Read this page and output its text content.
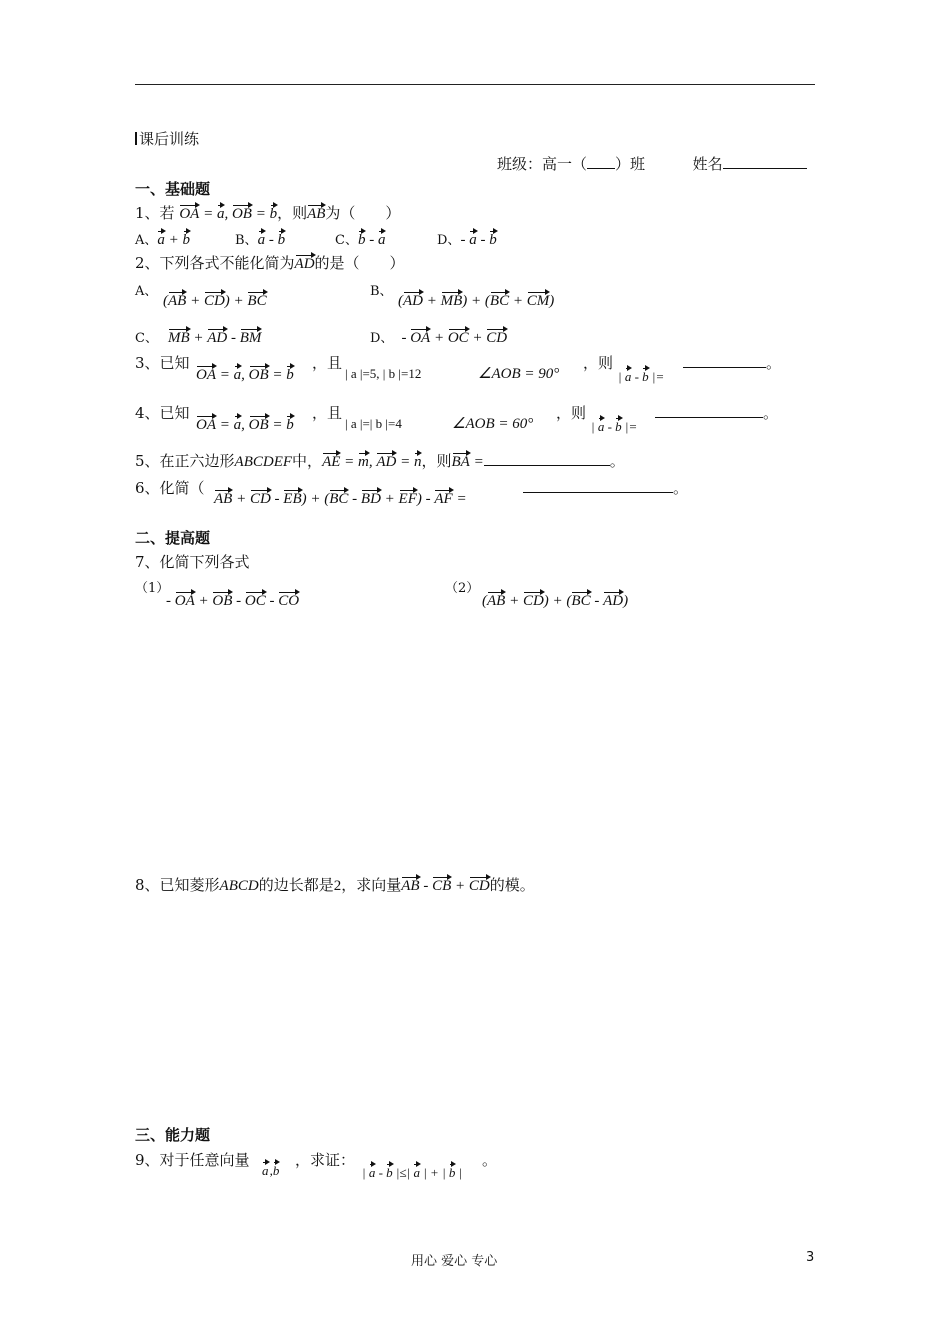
课后训练
班级：高一（ ）班	姓名
一、基础题
1、若 OA = a, OB = b，则AB为（　　）
A、a + b	B、a - b	C、b - a	D、- a - b
2、下列各式不能化简为AD的是（　　）
A、
(AB + CD) + BC
B、
(AD + MB) + (BC + CM)
C、 MB + AD - BM	D、 - OA + OC + CD
3、已知
OA = a, OB = b
，且
| a |=5, | b |=12	∠AOB = 90°
，则
| a - b |=
。
4、已知
OA = a, OB = b
，且
| a |=| b |=4	∠AOB = 60°
，则
| a - b |=
。
5、在正六边形ABCDEF中，AE = m, AD = n，则BA =	。
6、化简（
AB + CD - EB) + (BC - BD + EF) - AF =
。
二、提高题
7、化简下列各式
（1）
- OA + OB - OC - CO
（2）
(AB + CD) + (BC - AD)
8、已知菱形ABCD的边长都是2，求向量AB - CB + CD的模。
三、能力题
9、对于任意向量
a ,b
，求证：
| a - b |≤| a | + | b |
。
用心 爱心 专心	3
